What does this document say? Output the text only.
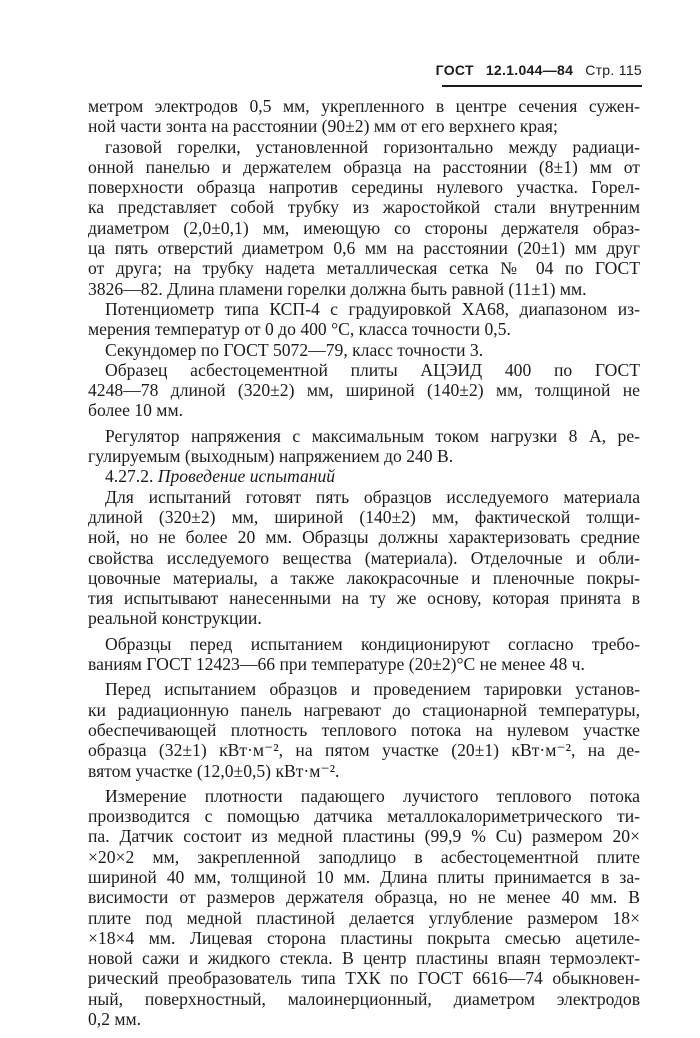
ГОСТ 12.1.044—84 Стр. 115
метром электродов 0,5 мм, укрепленного в центре сечения сужен-
ной части зонта на расстоянии (90±2) мм от его верхнего края;
газовой горелки, установленной горизонтально между радиаци-
онной панелью и держателем образца на расстоянии (8±1) мм от
поверхности образца напротив середины нулевого участка. Горел-
ка представляет собой трубку из жаростойкой стали внутренним
диаметром (2,0±0,1) мм, имеющую со стороны держателя образ-
ца пять отверстий диаметром 0,6 мм на расстоянии (20±1) мм друг
от друга; на трубку надета металлическая сетка № 04 по ГОСТ
3826—82. Длина пламени горелки должна быть равной (11±1) мм.
Потенциометр типа КСП-4 с градуировкой ХА68, диапазоном из-
мерения температур от 0 до 400 °С, класса точности 0,5.
Секундомер по ГОСТ 5072—79, класс точности 3.
Образец асбестоцементной плиты АЦЭИД 400 по ГОСТ
4248—78 длиной (320±2) мм, шириной (140±2) мм, толщиной не
более 10 мм.
Регулятор напряжения с максимальным током нагрузки 8 А, ре-
гулируемым (выходным) напряжением до 240 В.
4.27.2. Проведение испытаний
Для испытаний готовят пять образцов исследуемого материала
длиной (320±2) мм, шириной (140±2) мм, фактической толщи-
ной, но не более 20 мм. Образцы должны характеризовать средние
свойства исследуемого вещества (материала). Отделочные и обли-
цовочные материалы, а также лакокрасочные и пленочные покры-
тия испытывают нанесенными на ту же основу, которая принята в
реальной конструкции.
Образцы перед испытанием кондиционируют согласно требо-
ваниям ГОСТ 12423—66 при температуре (20±2)°С не менее 48 ч.
Перед испытанием образцов и проведением тарировки установ-
ки радиационную панель нагревают до стационарной температуры,
обеспечивающей плотность теплового потока на нулевом участке
образца (32±1) кВт·м⁻², на пятом участке (20±1) кВт·м⁻², на де-
вятом участке (12,0±0,5) кВт·м⁻².
Измерение плотности падающего лучистого теплового потока
производится с помощью датчика металлокалориметрического ти-
па. Датчик состоит из медной пластины (99,9 % Cu) размером 20×
×20×2 мм, закрепленной заподлицо в асбестоцементной плите
шириной 40 мм, толщиной 10 мм. Длина плиты принимается в за-
висимости от размеров держателя образца, но не менее 40 мм. В
плите под медной пластиной делается углубление размером 18×
×18×4 мм. Лицевая сторона пластины покрыта смесью ацетиле-
новой сажи и жидкого стекла. В центр пластины впаян термоэлект-
рический преобразователь типа ТХК по ГОСТ 6616—74 обыкновен-
ный, поверхностный, малоинерционный, диаметром электродов
0,2 мм.
